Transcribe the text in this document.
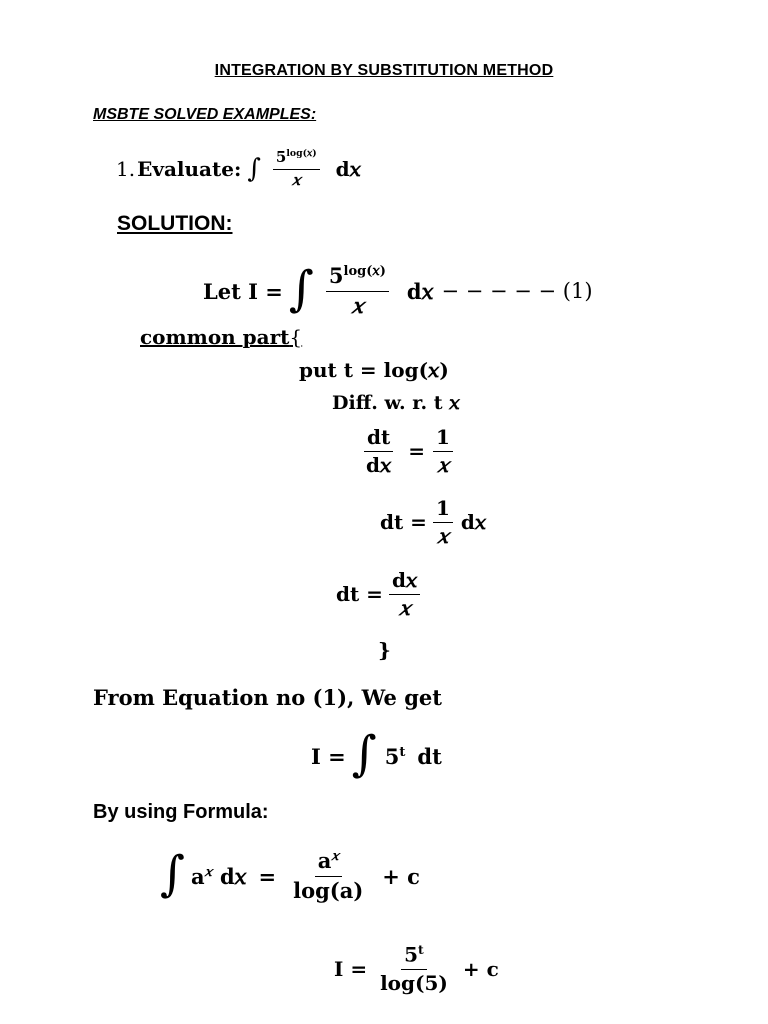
INTEGRATION BY SUBSTITUTION METHOD
MSBTE SOLVED EXAMPLES:
1. Evaluate: ∫ $\frac{5^{log(𝑥)}}{\text{𝑥}}$ d𝑥
SOLUTION:
Let I = ∫ $\frac{5^{log(𝑥)}}{\text{𝑥}}$ d𝑥 − − − − − (1)
common part {
put t = log(𝑥)
Diff. w. r. t 𝑥
$\frac{dt}{\text{d𝑥}} = \frac{1}{\text{𝑥}}$
dt = $\frac{1}{\text{𝑥}}$ d𝑥
dt = $\frac{\text{d𝑥}}{\text{𝑥}}$
}
From Equation no (1), We get
I = ∫ 5$^t$ dt
By using Formula:
∫ $a^𝑥$ d𝑥 = $\frac{a^𝑥}{\log(a)} + c$
$I = \frac{5^t}{\log(5)} + c$
